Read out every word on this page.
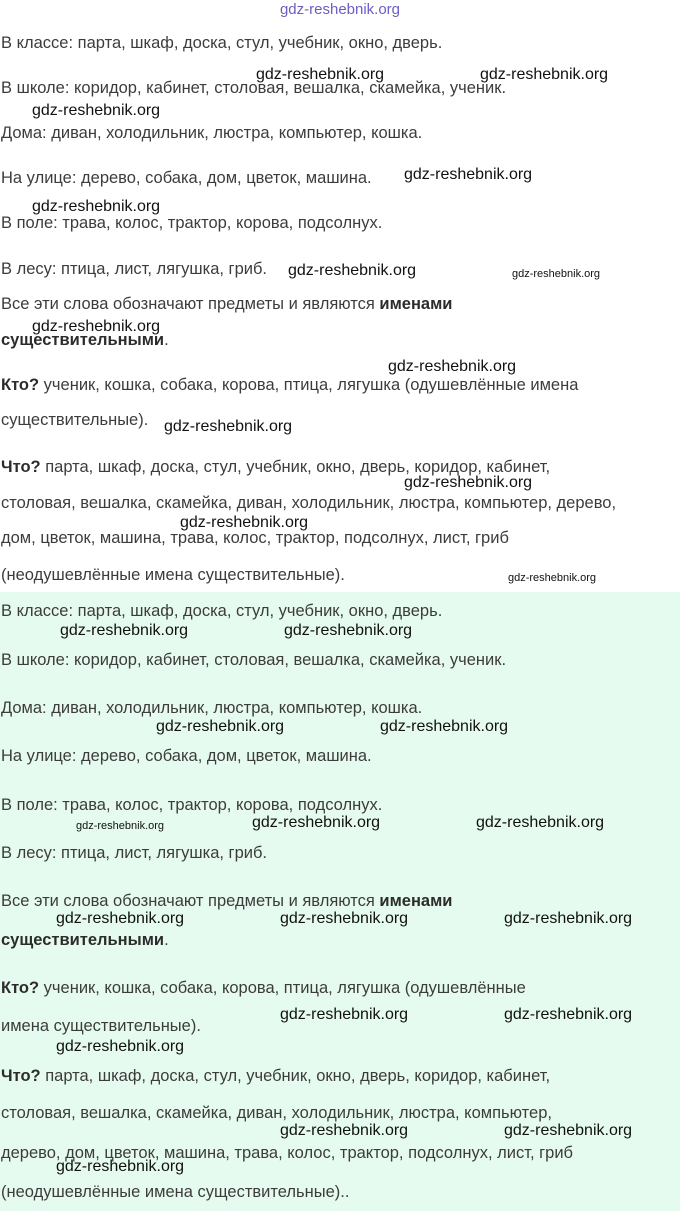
В классе: парта, шкаф, доска, стул, учебник, окно, дверь.
В школе: коридор, кабинет, столовая, вешалка, скамейка, ученик.
Дома: диван, холодильник, люстра, компьютер, кошка.
На улице: дерево, собака, дом, цветок, машина.
В поле: трава, колос, трактор, корова, подсолнух.
В лесу: птица, лист, лягушка, гриб.
Все эти слова обозначают предметы и являются именами
существительными.
Кто? ученик, кошка, собака, корова, птица, лягушка (одушевлённые имена
существительные).
Что? парта, шкаф, доска, стул, учебник, окно, дверь, коридор, кабинет,
столовая, вешалка, скамейка, диван, холодильник, люстра, компьютер, дерево,
дом, цветок, машина, трава, колос, трактор, подсолнух, лист, гриб
(неодушевлённые имена существительные).
В классе: парта, шкаф, доска, стул, учебник, окно, дверь.
В школе: коридор, кабинет, столовая, вешалка, скамейка, ученик.
Дома: диван, холодильник, люстра, компьютер, кошка.
На улице: дерево, собака, дом, цветок, машина.
В поле: трава, колос, трактор, корова, подсолнух.
В лесу: птица, лист, лягушка, гриб.
Все эти слова обозначают предметы и являются именами
существительными.
Кто? ученик, кошка, собака, корова, птица, лягушка (одушевлённые
имена существительные).
Что? парта, шкаф, доска, стул, учебник, окно, дверь, коридор, кабинет,
столовая, вешалка, скамейка, диван, холодильник, люстра, компьютер,
дерево, дом, цветок, машина, трава, колос, трактор, подсолнух, лист, гриб
(неодушевлённые имена существительные)..
gdz-reshebnik.org
gdz-reshebnik.org	gdz-reshebnik.org
gdz-reshebnik.org
gdz-reshebnik.org
gdz-reshebnik.org
gdz-reshebnik.org	gdz-reshebnik.org
gdz-reshebnik.org
gdz-reshebnik.org
gdz-reshebnik.org
gdz-reshebnik.org
gdz-reshebnik.org
gdz-reshebnik.org
gdz-reshebnik.org	gdz-reshebnik.org
gdz-reshebnik.org	gdz-reshebnik.org
gdz-reshebnik.org	gdz-reshebnik.org	gdz-reshebnik.org
gdz-reshebnik.org	gdz-reshebnik.org	gdz-reshebnik.org
gdz-reshebnik.org	gdz-reshebnik.org
gdz-reshebnik.org
gdz-reshebnik.org	gdz-reshebnik.org
gdz-reshebnik.org
